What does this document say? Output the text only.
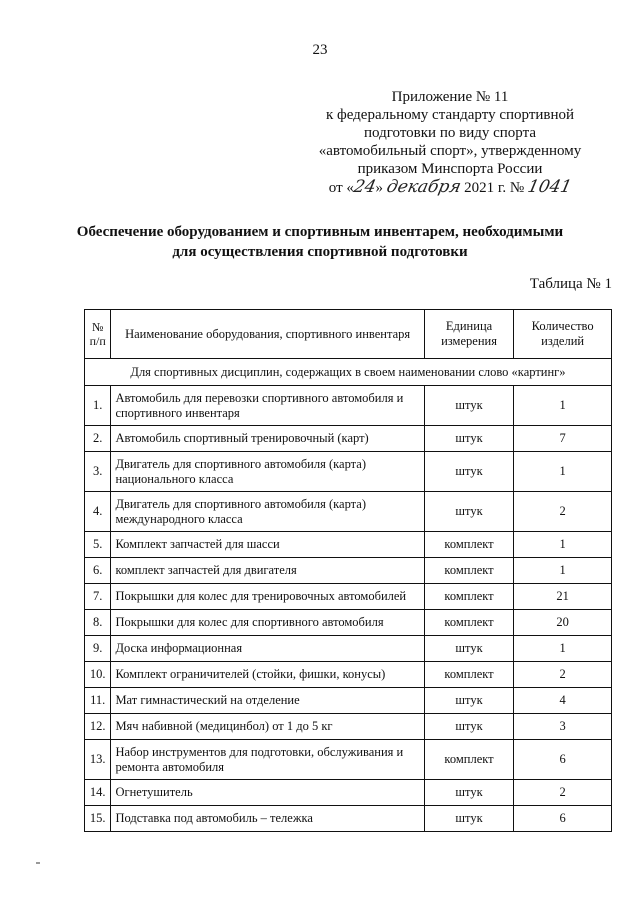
23
Приложение № 11
к федеральному стандарту спортивной
подготовки по виду спорта
«автомобильный спорт», утвержденному
приказом Минспорта России
от «24» декабря 2021 г. № 1041
Обеспечение оборудованием и спортивным инвентарем, необходимыми
для осуществления спортивной подготовки
Таблица № 1
№ п/п	Наименование оборудования, спортивного инвентаря	Единица измерения	Количество изделий
Для спортивных дисциплин, содержащих в своем наименовании слово «картинг»			
1.	Автомобиль для перевозки спортивного автомобиля и спортивного инвентаря	штук	1
2.	Автомобиль спортивный тренировочный (карт)	штук	7
3.	Двигатель для спортивного автомобиля (карта) национального класса	штук	1
4.	Двигатель для спортивного автомобиля (карта) международного класса	штук	2
5.	Комплект запчастей для шасси	комплект	1
6.	комплект запчастей для двигателя	комплект	1
7.	Покрышки для колес для тренировочных автомобилей	комплект	21
8.	Покрышки для колес для спортивного автомобиля	комплект	20
9.	Доска информационная	штук	1
10.	Комплект ограничителей (стойки, фишки, конусы)	комплект	2
11.	Мат гимнастический на отделение	штук	4
12.	Мяч набивной (медицинбол) от 1 до 5 кг	штук	3
13.	Набор инструментов для подготовки, обслуживания и ремонта автомобиля	комплект	6
14.	Огнетушитель	штук	2
15.	Подставка под автомобиль – тележка	штук	6
